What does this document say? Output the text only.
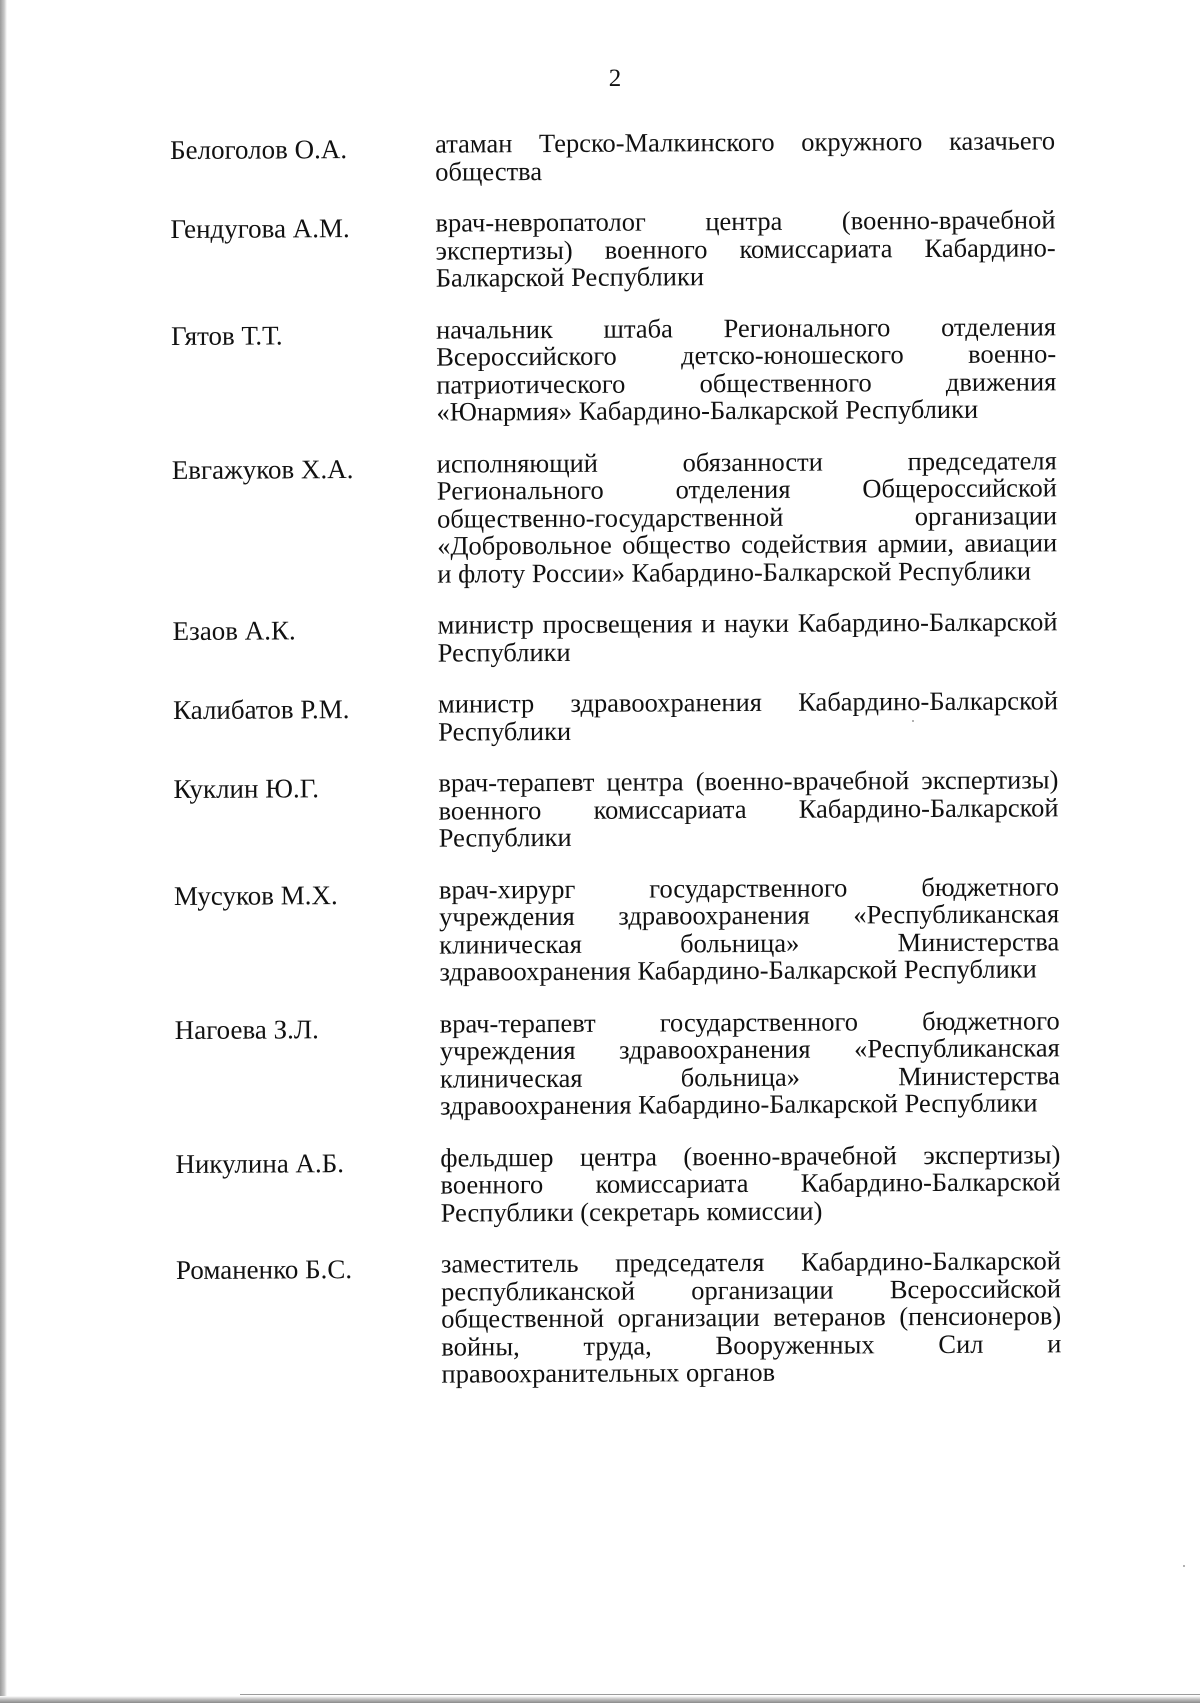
2
Белоголов О.А.	атаман Терско-Малкинского окружного казачьего общества
Гендугова А.М.	врач-невропатолог центра (военно-врачебной экспертизы) военного комиссариата Кабардино-Балкарской Республики
Гятов Т.Т.	начальник штаба Регионального отделения Всероссийского детско-юношеского военно-патриотического общественного движения «Юнармия» Кабардино-Балкарской Республики
Евгажуков Х.А.	исполняющий обязанности председателя Регионального отделения Общероссийской общественно-государственной организации «Добровольное общество содействия армии, авиации и флоту России» Кабардино-Балкарской Республики
Езаов А.К.	министр просвещения и науки Кабардино-Балкарской Республики
Калибатов Р.М.	министр здравоохранения Кабардино-Балкарской Республики
Куклин Ю.Г.	врач-терапевт центра (военно-врачебной экспертизы) военного комиссариата Кабардино-Балкарской Республики
Мусуков М.Х.	врач-хирург государственного бюджетного учреждения здравоохранения «Республиканская клиническая больница» Министерства здравоохранения Кабардино-Балкарской Республики
Нагоева З.Л.	врач-терапевт государственного бюджетного учреждения здравоохранения «Республиканская клиническая больница» Министерства здравоохранения Кабардино-Балкарской Республики
Никулина А.Б.	фельдшер центра (военно-врачебной экспертизы) военного комиссариата Кабардино-Балкарской Республики (секретарь комиссии)
Романенко Б.С.	заместитель председателя Кабардино-Балкарской республиканской организации Всероссийской общественной организации ветеранов (пенсионеров) войны, труда, Вооруженных Сил и правоохранительных органов
